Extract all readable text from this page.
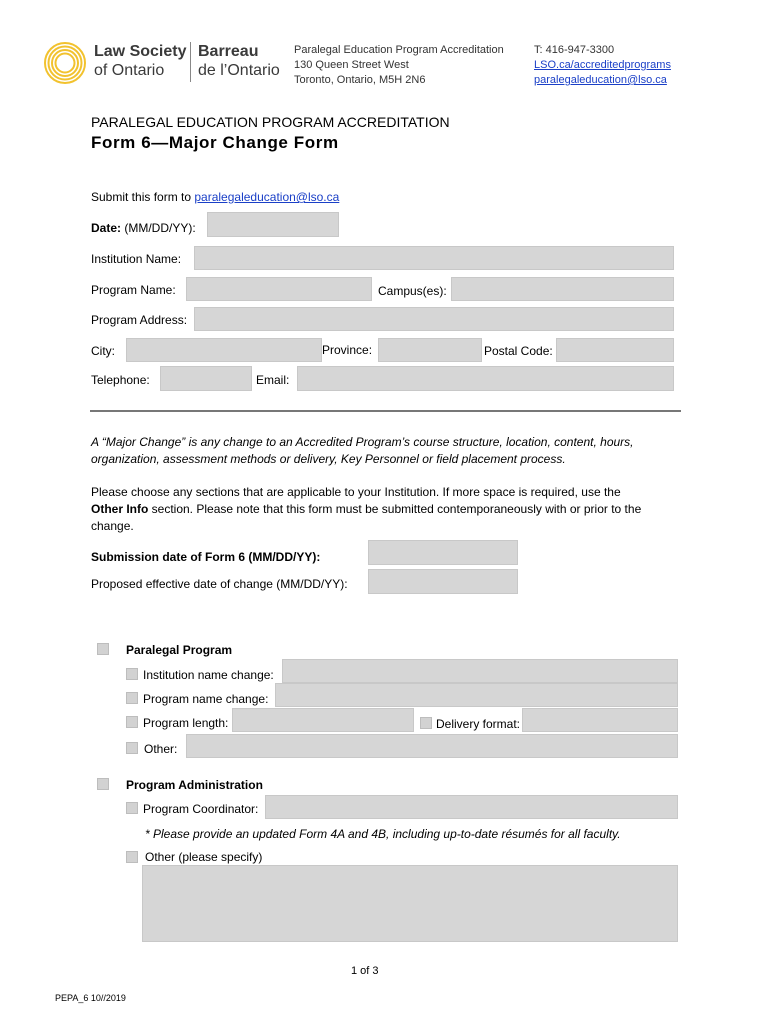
Law Society
of Ontario
Barreau
de l’Ontario
Paralegal Education Program Accreditation
130 Queen Street West
Toronto, Ontario, M5H 2N6
T: 416-947-3300
LSO.ca/accreditedprograms
paralegaleducation@lso.ca
PARALEGAL EDUCATION PROGRAM ACCREDITATION
Form 6—Major Change Form
Submit this form to paralegaleducation@lso.ca
Date: (MM/DD/YY):
Institution Name:
Program Name:	Campus(es):
Program Address:
City:	Province:	Postal Code:
Telephone:	Email:
A “Major Change” is any change to an Accredited Program’s course structure, location, content, hours, organization, assessment methods or delivery, Key Personnel or field placement process.
Please choose any sections that are applicable to your Institution. If more space is required, use the
Other Info section. Please note that this form must be submitted contemporaneously with or prior to the
change.
Submission date of Form 6 (MM/DD/YY):
Proposed effective date of change (MM/DD/YY):
Paralegal Program
Institution name change:
Program name change:
Program length:	Delivery format:
Other:
Program Administration
Program Coordinator:
* Please provide an updated Form 4A and 4B, including up-to-date résumés for all faculty.
Other (please specify)
1 of 3
PEPA_6 10//2019
